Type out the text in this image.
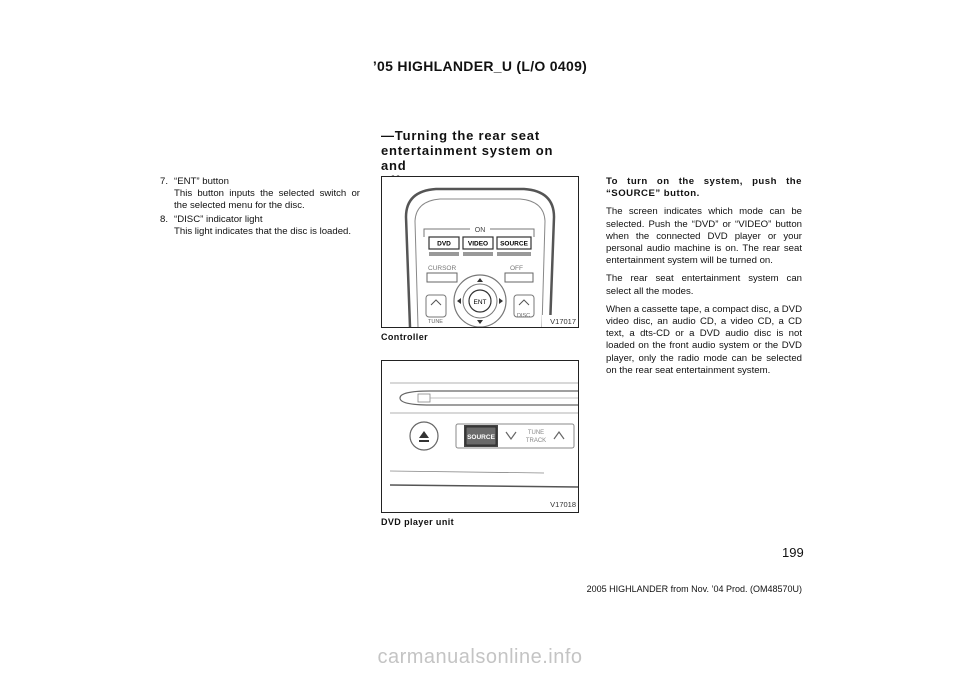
’05 HIGHLANDER_U (L/O 0409)
—Turning the rear seat
entertainment system on and
7. “ENT” button
This button inputs the selected switch or the selected menu for the disc.
8. “DISC” indicator light
This light indicates that the disc is loaded.	ON
DVD	VIDEO SOURCE
CURSOR	OFF
ENT
TUNE
DISC
V17017
Controller
SOURCE
TUNE
TRACK
V17018
DVD player unit

To turn on the system, push the “SOURCE” button.

The screen indicates which mode can be selected. Push the “DVD” or “VIDEO” button when the connected DVD player or your personal audio machine is on. The rear seat entertainment system will be turned on.

The rear seat entertainment system can select all the modes.

When a cassette tape, a compact disc, a DVD video disc, an audio CD, a video CD, a CD text, a dts-CD or a DVD audio disc is not loaded on the front audio system or the DVD player, only the radio mode can be selected on the rear seat entertainment system.

199
2005 HIGHLANDER from Nov. ’04 Prod. (OM48570U)
carmanualsonline.info
